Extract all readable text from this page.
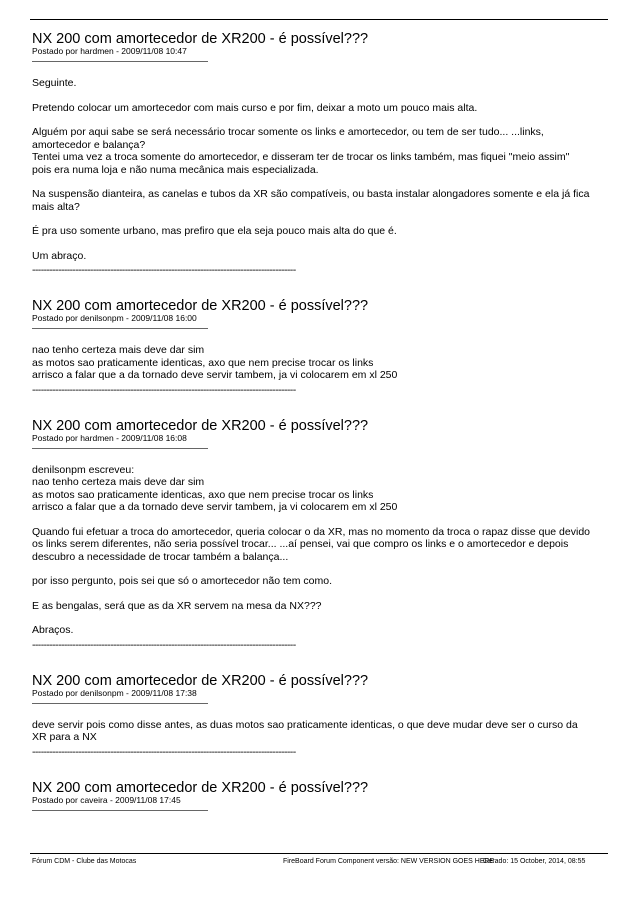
NX 200 com amortecedor de XR200 - é possível???

Postado por hardmen - 2009/11/08 10:47

Seguinte.

Pretendo colocar um amortecedor com mais curso e por fim, deixar a moto um pouco mais alta.

Alguém por aqui sabe se será necessário trocar somente os links e amortecedor, ou tem de ser tudo... ...links,
amortecedor e balança?
Tentei uma vez a troca somente do amortecedor, e disseram ter de trocar os links também, mas fiquei "meio assim"
pois era numa loja e não numa mecânica mais especializada.

Na suspensão dianteira, as canelas e tubos da XR são compatíveis, ou basta instalar alongadores somente e ela já fica
mais alta?

É pra uso somente urbano, mas prefiro que ela seja pouco mais alta do que é.

Um abraço.

-------------------------------------------------------------------------------------------

NX 200 com amortecedor de XR200 - é possível???

Postado por denilsonpm - 2009/11/08 16:00

nao tenho certeza mais deve dar sim
as motos sao praticamente identicas, axo que nem precise trocar os links
arrisco a falar que a da tornado deve servir tambem, ja vi colocarem em xl 250

-------------------------------------------------------------------------------------------

NX 200 com amortecedor de XR200 - é possível???

Postado por hardmen - 2009/11/08 16:08

denilsonpm escreveu:
nao tenho certeza mais deve dar sim
as motos sao praticamente identicas, axo que nem precise trocar os links
arrisco a falar que a da tornado deve servir tambem, ja vi colocarem em xl 250

Quando fui efetuar a troca do amortecedor, queria colocar o da XR, mas no momento da troca o rapaz disse que devido
os links serem diferentes, não seria possível trocar... ...aí pensei, vai que compro os links e o amortecedor e depois
descubro a necessidade de trocar também a balança...

por isso pergunto, pois sei que só o amortecedor não tem como.

E as bengalas, será que as da XR servem na mesa da NX???

Abraços.

-------------------------------------------------------------------------------------------

NX 200 com amortecedor de XR200 - é possível???

Postado por denilsonpm - 2009/11/08 17:38

deve servir pois como disse antes, as duas motos sao praticamente identicas, o que deve mudar deve ser o curso da
XR para a NX

-------------------------------------------------------------------------------------------

NX 200 com amortecedor de XR200 - é possível???

Postado por caveira - 2009/11/08 17:45

Fórum CDM - Clube das Motocas	FireBoard Forum Component versão: NEW VERSION GOES HERE
Gerado: 15 October, 2014, 08:55
